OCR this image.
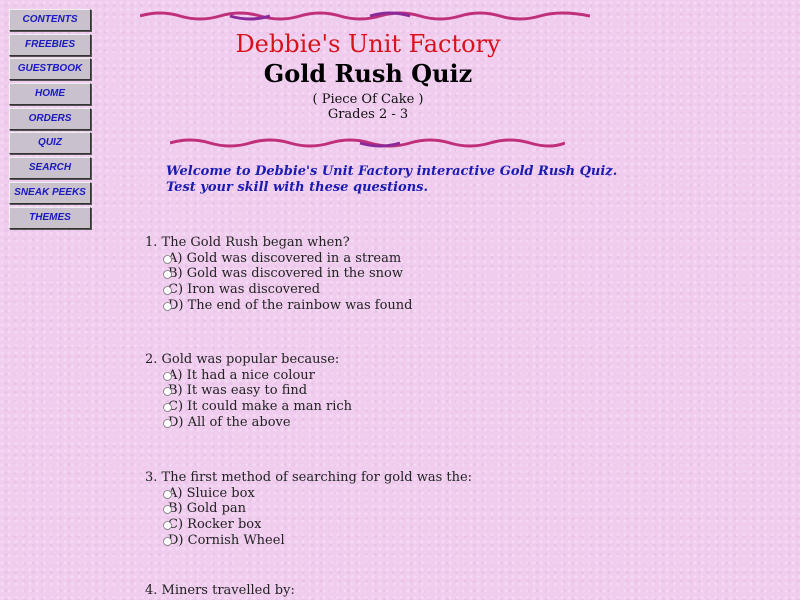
CONTENTS
FREEBIES
GUESTBOOK
HOME
ORDERS
QUIZ
SEARCH
SNEAK PEEKS
THEMES
Debbie's Unit Factory
Gold Rush Quiz
( Piece Of Cake )
Grades 2 - 3
Welcome to Debbie's Unit Factory interactive Gold Rush Quiz. Test your skill with these questions.
1. The Gold Rush began when?
A) Gold was discovered in a stream
B) Gold was discovered in the snow
C) Iron was discovered
D) The end of the rainbow was found
2. Gold was popular because:
A) It had a nice colour
B) It was easy to find
C) It could make a man rich
D) All of the above
3. The first method of searching for gold was the:
A) Sluice box
B) Gold pan
C) Rocker box
D) Cornish Wheel
4. Miners travelled by:
